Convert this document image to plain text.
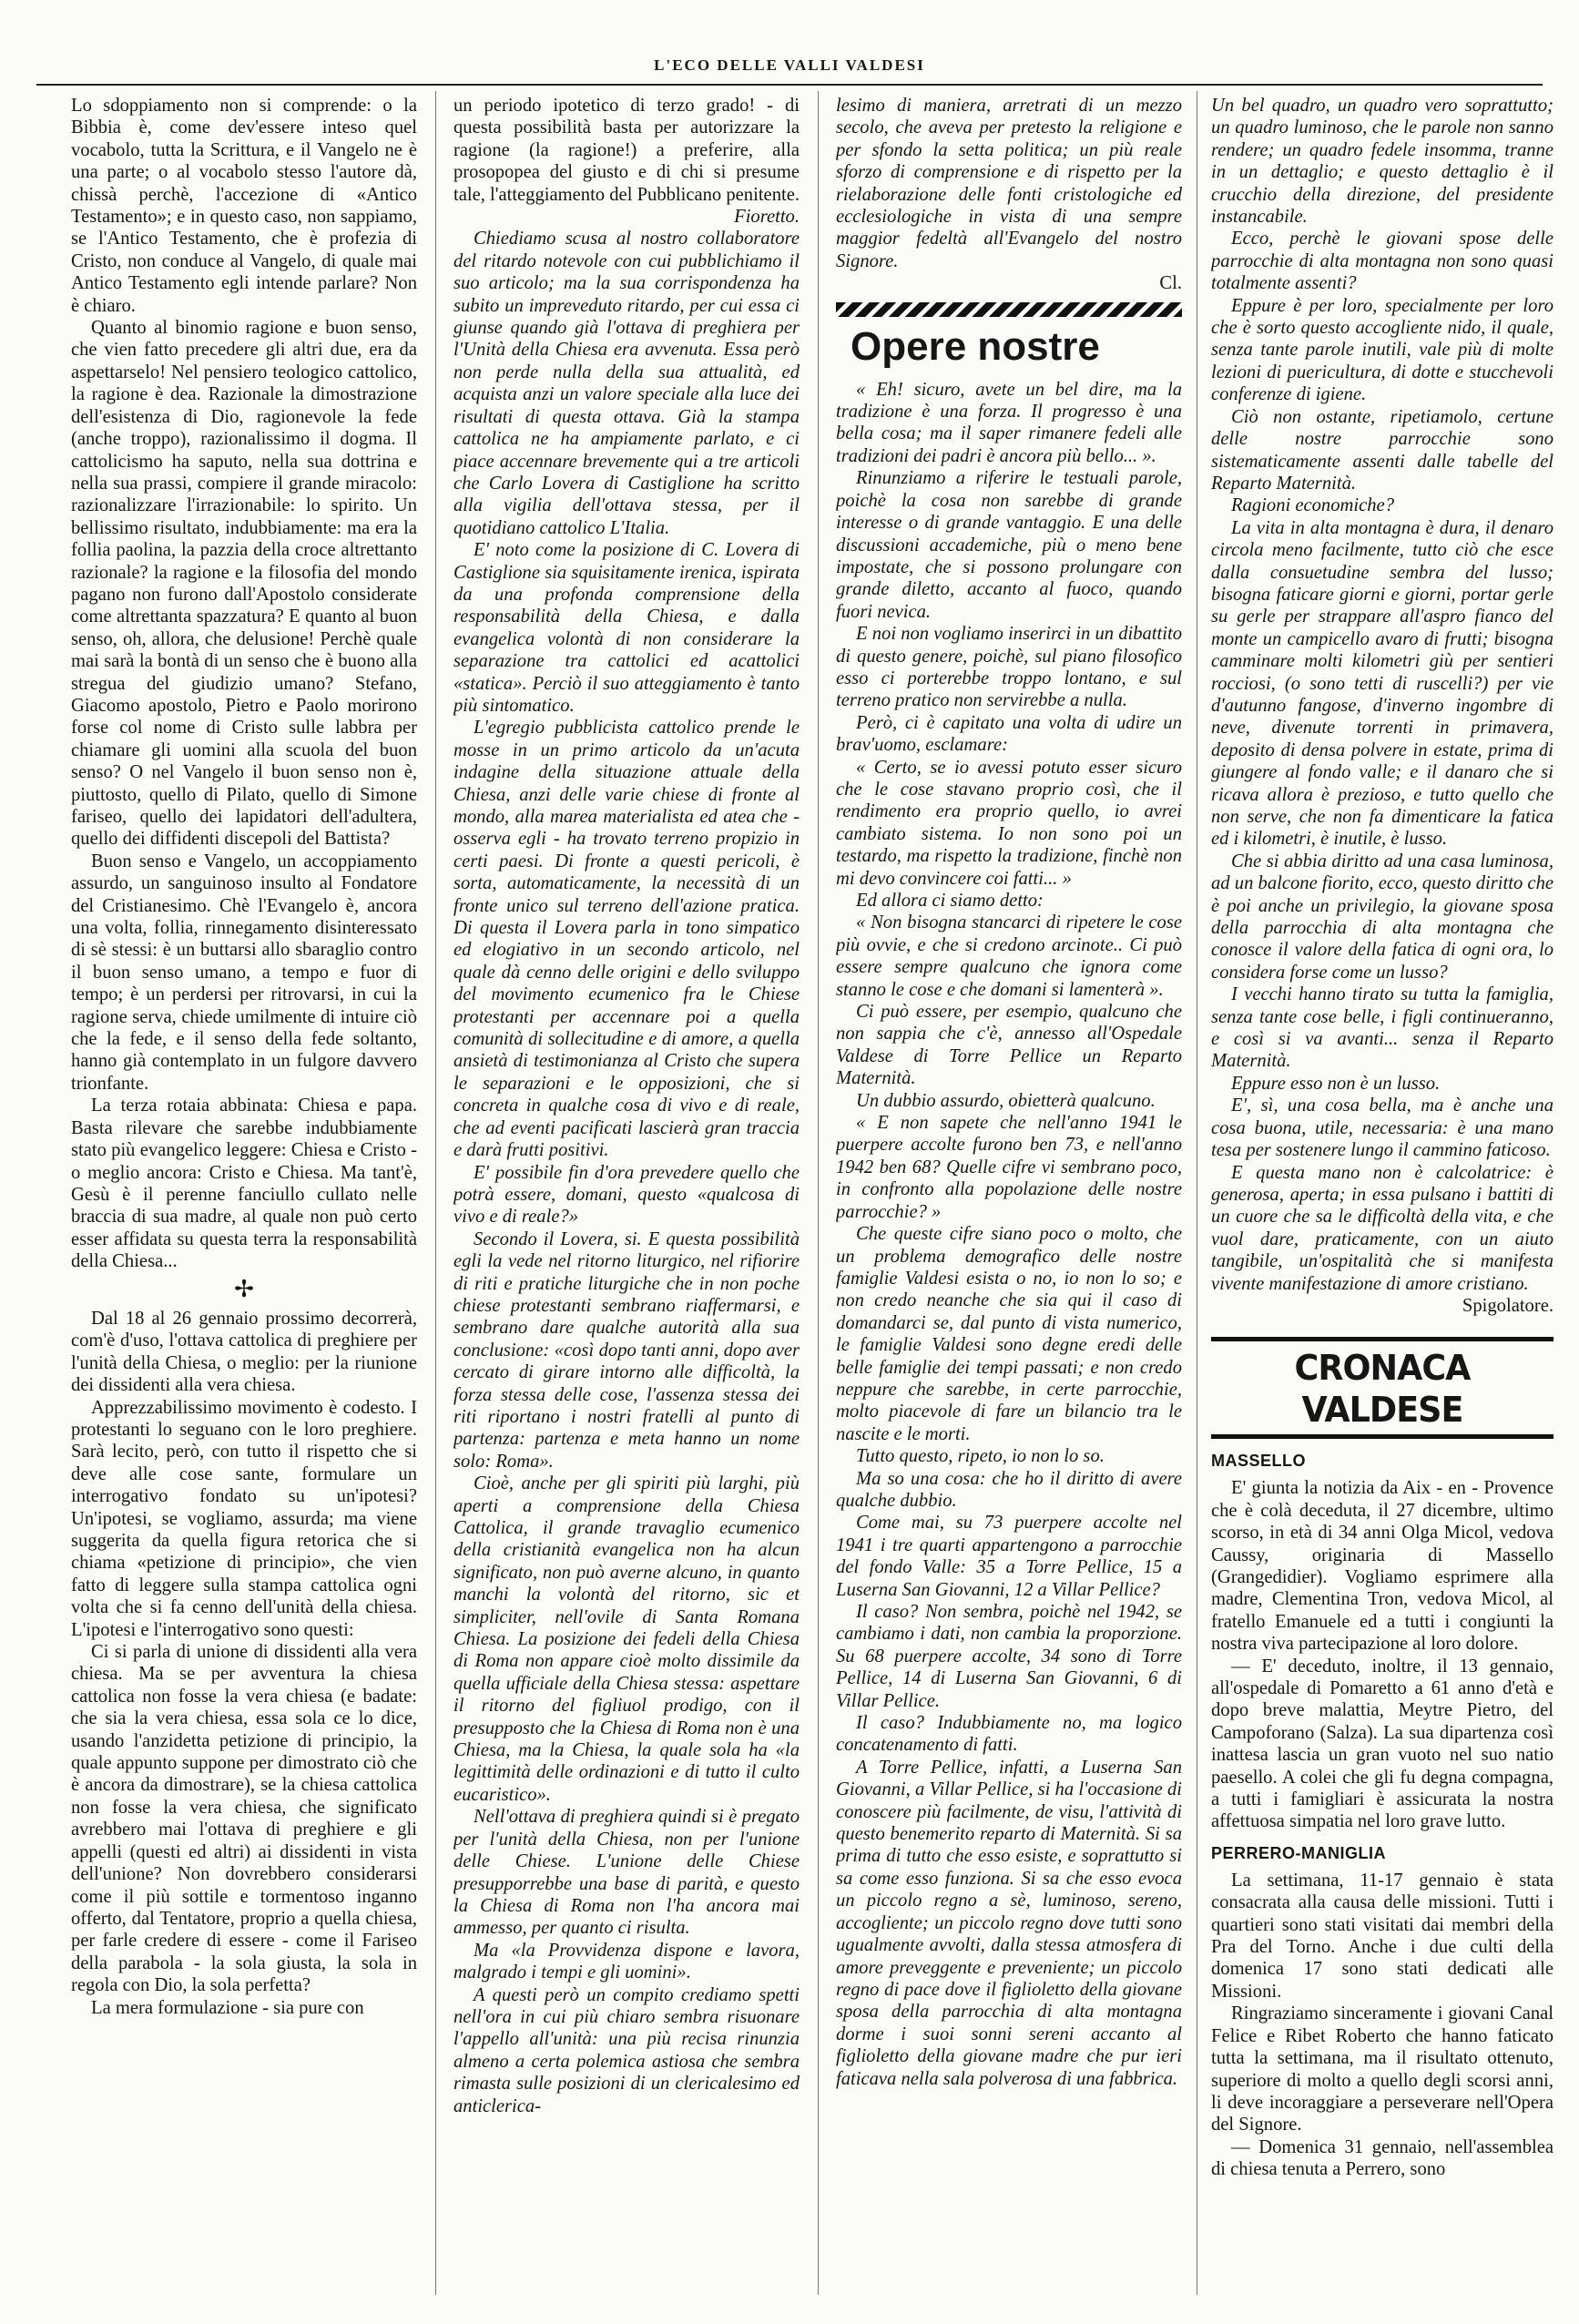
L'ECO DELLE VALLI VALDESI

Lo sdoppiamento non si comprende: o la Bibbia è, come dev'essere inteso quel vocabolo, tutta la Scrittura, e il Vangelo ne è una parte; o al vocabolo stesso l'autore dà, chissà perchè, l'accezione di «Antico Testamento»; e in questo caso, non sappiamo, se l'Antico Testamento, che è profezia di Cristo, non conduce al Vangelo, di quale mai Antico Testamento egli intende parlare? Non è chiaro.

Quanto al binomio ragione e buon senso, che vien fatto precedere gli altri due, era da aspettarselo! Nel pensiero teologico cattolico, la ragione è dea. Razionale la dimostrazione dell'esistenza di Dio, ragionevole la fede (anche troppo), razionalissimo il dogma. Il cattolicismo ha saputo, nella sua dottrina e nella sua prassi, compiere il grande miracolo: razionalizzare l'irrazionabile: lo spirito. Un bellissimo risultato, indubbiamente: ma era la follia paolina, la pazzia della croce altrettanto razionale? la ragione e la filosofia del mondo pagano non furono dall'Apostolo considerate come altrettanta spazzatura? E quanto al buon senso, oh, allora, che delusione! Perchè quale mai sarà la bontà di un senso che è buono alla stregua del giudizio umano? Stefano, Giacomo apostolo, Pietro e Paolo morirono forse col nome di Cristo sulle labbra per chiamare gli uomini alla scuola del buon senso? O nel Vangelo il buon senso non è, piuttosto, quello di Pilato, quello di Simone fariseo, quello dei lapidatori dell'adultera, quello dei diffidenti discepoli del Battista?

Buon senso e Vangelo, un accoppiamento assurdo, un sanguinoso insulto al Fondatore del Cristianesimo. Chè l'Evangelo è, ancora una volta, follia, rinnegamento disinteressato di sè stessi: è un buttarsi allo sbaraglio contro il buon senso umano, a tempo e fuor di tempo; è un perdersi per ritrovarsi, in cui la ragione serva, chiede umilmente di intuire ciò che la fede, e il senso della fede soltanto, hanno già contemplato in un fulgore davvero trionfante.

La terza rotaia abbinata: Chiesa e papa. Basta rilevare che sarebbe indubbiamente stato più evangelico leggere: Chiesa e Cristo - o meglio ancora: Cristo e Chiesa. Ma tant'è, Gesù è il perenne fanciullo cullato nelle braccia di sua madre, al quale non può certo esser affidata su questa terra la responsabilità della Chiesa...

✢

Dal 18 al 26 gennaio prossimo decorrerà, com'è d'uso, l'ottava cattolica di preghiere per l'unità della Chiesa, o meglio: per la riunione dei dissidenti alla vera chiesa.

Apprezzabilissimo movimento è codesto. I protestanti lo seguano con le loro preghiere. Sarà lecito, però, con tutto il rispetto che si deve alle cose sante, formulare un interrogativo fondato su un'ipotesi? Un'ipotesi, se vogliamo, assurda; ma viene suggerita da quella figura retorica che si chiama «petizione di principio», che vien fatto di leggere sulla stampa cattolica ogni volta che si fa cenno dell'unità della chiesa. L'ipotesi e l'interrogativo sono questi:

Ci si parla di unione di dissidenti alla vera chiesa. Ma se per avventura la chiesa cattolica non fosse la vera chiesa (e badate: che sia la vera chiesa, essa sola ce lo dice, usando l'anzidetta petizione di principio, la quale appunto suppone per dimostrato ciò che è ancora da dimostrare), se la chiesa cattolica non fosse la vera chiesa, che significato avrebbero mai l'ottava di preghiere e gli appelli (questi ed altri) ai dissidenti in vista dell'unione? Non dovrebbero considerarsi come il più sottile e tormentoso inganno offerto, dal Tentatore, proprio a quella chiesa, per farle credere di essere - come il Fariseo della parabola - la sola giusta, la sola in regola con Dio, la sola perfetta?

La mera formulazione - sia pure con

un periodo ipotetico di terzo grado! - di questa possibilità basta per autorizzare la ragione (la ragione!) a preferire, alla prosopopea del giusto e di chi si presume tale, l'atteggiamento del Pubblicano penitente.

Fioretto.

Chiediamo scusa al nostro collaboratore del ritardo notevole con cui pubblichiamo il suo articolo; ma la sua corrispondenza ha subito un impreveduto ritardo, per cui essa ci giunse quando già l'ottava di preghiera per l'Unità della Chiesa era avvenuta. Essa però non perde nulla della sua attualità, ed acquista anzi un valore speciale alla luce dei risultati di questa ottava. Già la stampa cattolica ne ha ampiamente parlato, e ci piace accennare brevemente qui a tre articoli che Carlo Lovera di Castiglione ha scritto alla vigilia dell'ottava stessa, per il quotidiano cattolico L'Italia.

E' noto come la posizione di C. Lovera di Castiglione sia squisitamente irenica, ispirata da una profonda comprensione della responsabilità della Chiesa, e dalla evangelica volontà di non considerare la separazione tra cattolici ed acattolici «statica». Perciò il suo atteggiamento è tanto più sintomatico.

L'egregio pubblicista cattolico prende le mosse in un primo articolo da un'acuta indagine della situazione attuale della Chiesa, anzi delle varie chiese di fronte al mondo, alla marea materialista ed atea che - osserva egli - ha trovato terreno propizio in certi paesi. Di fronte a questi pericoli, è sorta, automaticamente, la necessità di un fronte unico sul terreno dell'azione pratica. Di questa il Lovera parla in tono simpatico ed elogiativo in un secondo articolo, nel quale dà cenno delle origini e dello sviluppo del movimento ecumenico fra le Chiese protestanti per accennare poi a quella comunità di sollecitudine e di amore, a quella ansietà di testimonianza al Cristo che supera le separazioni e le opposizioni, che si concreta in qualche cosa di vivo e di reale, che ad eventi pacificati lascierà gran traccia e darà frutti positivi.

E' possibile fin d'ora prevedere quello che potrà essere, domani, questo «qualcosa di vivo e di reale?»

Secondo il Lovera, si. E questa possibilità egli la vede nel ritorno liturgico, nel rifiorire di riti e pratiche liturgiche che in non poche chiese protestanti sembrano riaffermarsi, e sembrano dare qualche autorità alla sua conclusione: «così dopo tanti anni, dopo aver cercato di girare intorno alle difficoltà, la forza stessa delle cose, l'assenza stessa dei riti riportano i nostri fratelli al punto di partenza: partenza e meta hanno un nome solo: Roma».

Cioè, anche per gli spiriti più larghi, più aperti a comprensione della Chiesa Cattolica, il grande travaglio ecumenico della cristianità evangelica non ha alcun significato, non può averne alcuno, in quanto manchi la volontà del ritorno, sic et simpliciter, nell'ovile di Santa Romana Chiesa. La posizione dei fedeli della Chiesa di Roma non appare cioè molto dissimile da quella ufficiale della Chiesa stessa: aspettare il ritorno del figliuol prodigo, con il presupposto che la Chiesa di Roma non è una Chiesa, ma la Chiesa, la quale sola ha «la legittimità delle ordinazioni e di tutto il culto eucaristico».

Nell'ottava di preghiera quindi si è pregato per l'unità della Chiesa, non per l'unione delle Chiese. L'unione delle Chiese presupporrebbe una base di parità, e questo la Chiesa di Roma non l'ha ancora mai ammesso, per quanto ci risulta.

Ma «la Provvidenza dispone e lavora, malgrado i tempi e gli uomini».

A questi però un compito crediamo spetti nell'ora in cui più chiaro sembra risuonare l'appello all'unità: una più recisa rinunzia almeno a certa polemica astiosa che sembra rimasta sulle posizioni di un clericalesimo ed anticlerica-

lesimo di maniera, arretrati di un mezzo secolo, che aveva per pretesto la religione e per sfondo la setta politica; un più reale sforzo di comprensione e di rispetto per la rielaborazione delle fonti cristologiche ed ecclesiologiche in vista di una sempre maggior fedeltà all'Evangelo del nostro Signore.

Cl.

Opere nostre

« Eh! sicuro, avete un bel dire, ma la tradizione è una forza. Il progresso è una bella cosa; ma il saper rimanere fedeli alle tradizioni dei padri è ancora più bello... ».

Rinunziamo a riferire le testuali parole, poichè la cosa non sarebbe di grande interesse o di grande vantaggio. E una delle discussioni accademiche, più o meno bene impostate, che si possono prolungare con grande diletto, accanto al fuoco, quando fuori nevica.

E noi non vogliamo inserirci in un dibattito di questo genere, poichè, sul piano filosofico esso ci porterebbe troppo lontano, e sul terreno pratico non servirebbe a nulla.

Però, ci è capitato una volta di udire un brav'uomo, esclamare:

« Certo, se io avessi potuto esser sicuro che le cose stavano proprio così, che il rendimento era proprio quello, io avrei cambiato sistema. Io non sono poi un testardo, ma rispetto la tradizione, finchè non mi devo convincere coi fatti... »

Ed allora ci siamo detto:

« Non bisogna stancarci di ripetere le cose più ovvie, e che si credono arcinote.. Ci può essere sempre qualcuno che ignora come stanno le cose e che domani si lamenterà ».

Ci può essere, per esempio, qualcuno che non sappia che c'è, annesso all'Ospedale Valdese di Torre Pellice un Reparto Maternità.

Un dubbio assurdo, obietterà qualcuno.

« E non sapete che nell'anno 1941 le puerpere accolte furono ben 73, e nell'anno 1942 ben 68? Quelle cifre vi sembrano poco, in confronto alla popolazione delle nostre parrocchie? »

Che queste cifre siano poco o molto, che un problema demografico delle nostre famiglie Valdesi esista o no, io non lo so; e non credo neanche che sia qui il caso di domandarci se, dal punto di vista numerico, le famiglie Valdesi sono degne eredi delle belle famiglie dei tempi passati; e non credo neppure che sarebbe, in certe parrocchie, molto piacevole di fare un bilancio tra le nascite e le morti.

Tutto questo, ripeto, io non lo so.

Ma so una cosa: che ho il diritto di avere qualche dubbio.

Come mai, su 73 puerpere accolte nel 1941 i tre quarti appartengono a parrocchie del fondo Valle: 35 a Torre Pellice, 15 a Luserna San Giovanni, 12 a Villar Pellice?

Il caso? Non sembra, poichè nel 1942, se cambiamo i dati, non cambia la proporzione. Su 68 puerpere accolte, 34 sono di Torre Pellice, 14 di Luserna San Giovanni, 6 di Villar Pellice.

Il caso? Indubbiamente no, ma logico concatenamento di fatti.

A Torre Pellice, infatti, a Luserna San Giovanni, a Villar Pellice, si ha l'occasione di conoscere più facilmente, de visu, l'attività di questo benemerito reparto di Maternità. Si sa prima di tutto che esso esiste, e soprattutto si sa come esso funziona. Si sa che esso evoca un piccolo regno a sè, luminoso, sereno, accogliente; un piccolo regno dove tutti sono ugualmente avvolti, dalla stessa atmosfera di amore preveggente e prevenientе; un piccolo regno di pace dove il figlioletto della giovane sposa della parrocchia di alta montagna dorme i suoi sonni sereni accanto al figlioletto della giovane madre che pur ieri faticava nella sala polverosa di una fabbrica.

Un bel quadro, un quadro vero soprattutto; un quadro luminoso, che le parole non sanno rendere; un quadro fedele insomma, tranne in un dettaglio; e questo dettaglio è il crucchio della direzione, del presidente instancabile.

Ecco, perchè le giovani spose delle parrocchie di alta montagna non sono quasi totalmente assenti?

Eppure è per loro, specialmente per loro che è sorto questo accogliente nido, il quale, senza tante parole inutili, vale più di molte lezioni di puericultura, di dotte e stucchevoli conferenze di igiene.

Ciò non ostante, ripetiamolo, certune delle nostre parrocchie sono sistematicamente assenti dalle tabelle del Reparto Maternità.

Ragioni economiche?

La vita in alta montagna è dura, il denaro circola meno facilmente, tutto ciò che esce dalla consuetudine sembra del lusso; bisogna faticare giorni e giorni, portar gerle su gerle per strappare all'aspro fianco del monte un campicello avaro di frutti; bisogna camminare molti kilometri giù per sentieri rocciosi, (o sono tetti di ruscelli?) per vie d'autunno fangose, d'inverno ingombre di neve, divenute torrenti in primavera, deposito di densa polvere in estate, prima di giungere al fondo valle; e il danaro che si ricava allora è prezioso, e tutto quello che non serve, che non fa dimenticare la fatica ed i kilometri, è inutile, è lusso.

Che si abbia diritto ad una casa luminosa, ad un balcone fiorito, ecco, questo diritto che è poi anche un privilegio, la giovane sposa della parrocchia di alta montagna che conosce il valore della fatica di ogni ora, lo considera forse come un lusso?

I vecchi hanno tirato su tutta la famiglia, senza tante cose belle, i figli continueranno, e così si va avanti... senza il Reparto Maternità.

Eppure esso non è un lusso.

E', sì, una cosa bella, ma è anche una cosa buona, utile, necessaria: è una mano tesa per sostenere lungo il cammino faticoso.

E questa mano non è calcolatrice: è generosa, aperta; in essa pulsano i battiti di un cuore che sa le difficoltà della vita, e che vuol dare, praticamente, con un aiuto tangibile, un'ospitalità che si manifesta vivente manifestazione di amore cristiano.

Spigolatore.

CRONACA VALDESE
MASSELLO

E' giunta la notizia da Aix - en - Provence che è colà deceduta, il 27 dicembre, ultimo scorso, in età di 34 anni Olga Micol, vedova Caussy, originaria di Massello (Grangedidier). Vogliamo esprimere alla madre, Clementina Tron, vedova Micol, al fratello Emanuele ed a tutti i congiunti la nostra viva partecipazione al loro dolore.

— E' deceduto, inoltre, il 13 gennaio, all'ospedale di Pomaretto a 61 anno d'età e dopo breve malattia, Meytre Pietro, del Campoforano (Salza). La sua dipartenza così inattesa lascia un gran vuoto nel suo natio paesello. A colei che gli fu degna compagna, a tutti i famigliari è assicurata la nostra affettuosa simpatia nel loro grave lutto.

PERRERO-MANIGLIA

La settimana, 11-17 gennaio è stata consacrata alla causa delle missioni. Tutti i quartieri sono stati visitati dai membri della Pra del Torno. Anche i due culti della domenica 17 sono stati dedicati alle Missioni.

Ringraziamo sinceramente i giovani Canal Felice e Ribet Roberto che hanno faticato tutta la settimana, ma il risultato ottenuto, superiore di molto a quello degli scorsi anni, li deve incoraggiare a perseverare nell'Opera del Signore.

— Domenica 31 gennaio, nell'assemblea di chiesa tenuta a Perrero, sono
